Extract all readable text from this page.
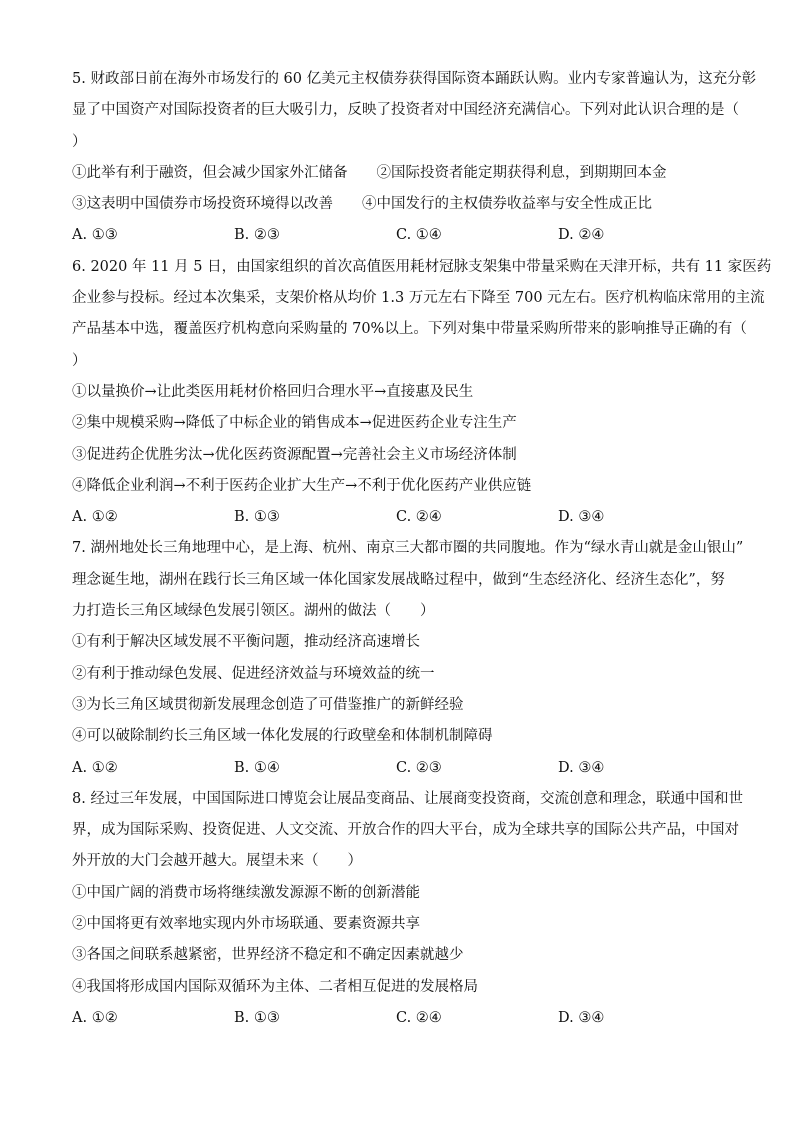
5. 财政部日前在海外市场发行的 60 亿美元主权债券获得国际资本踊跃认购。业内专家普遍认为，这充分彰
显了中国资产对国际投资者的巨大吸引力，反映了投资者对中国经济充满信心。下列对此认识合理的是（
）
①此举有利于融资，但会减少国家外汇储备　　②国际投资者能定期获得利息，到期期回本金
③这表明中国债券市场投资环境得以改善　　④中国发行的主权债券收益率与安全性成正比
A. ①③	B. ②③	C. ①④	D. ②④
6. 2020 年 11 月 5 日，由国家组织的首次高值医用耗材冠脉支架集中带量采购在天津开标，共有 11 家医药
企业参与投标。经过本次集采，支架价格从均价 1.3 万元左右下降至 700 元左右。医疗机构临床常用的主流
产品基本中选，覆盖医疗机构意向采购量的 70%以上。下列对集中带量采购所带来的影响推导正确的有（
）
①以量换价→让此类医用耗材价格回归合理水平→直接惠及民生
②集中规模采购→降低了中标企业的销售成本→促进医药企业专注生产
③促进药企优胜劣汰→优化医药资源配置→完善社会主义市场经济体制
④降低企业利润→不利于医药企业扩大生产→不利于优化医药产业供应链
A. ①②	B. ①③	C. ②④	D. ③④
7. 湖州地处长三角地理中心，是上海、杭州、南京三大都市圈的共同腹地。作为“绿水青山就是金山银山”
理念诞生地，湖州在践行长三角区域一体化国家发展战略过程中，做到“生态经济化、经济生态化”，努
力打造长三角区域绿色发展引领区。湖州的做法（　　）
①有利于解决区域发展不平衡问题，推动经济高速增长
②有利于推动绿色发展、促进经济效益与环境效益的统一
③为长三角区域贯彻新发展理念创造了可借鉴推广的新鲜经验
④可以破除制约长三角区域一体化发展的行政壁垒和体制机制障碍
A. ①②	B. ①④	C. ②③	D. ③④
8. 经过三年发展，中国国际进口博览会让展品变商品、让展商变投资商，交流创意和理念，联通中国和世
界，成为国际采购、投资促进、人文交流、开放合作的四大平台，成为全球共享的国际公共产品，中国对
外开放的大门会越开越大。展望未来（　　）
①中国广阔的消费市场将继续激发源源不断的创新潜能
②中国将更有效率地实现内外市场联通、要素资源共享
③各国之间联系越紧密，世界经济不稳定和不确定因素就越少
④我国将形成国内国际双循环为主体、二者相互促进的发展格局
A. ①②	B. ①③	C. ②④	D. ③④
